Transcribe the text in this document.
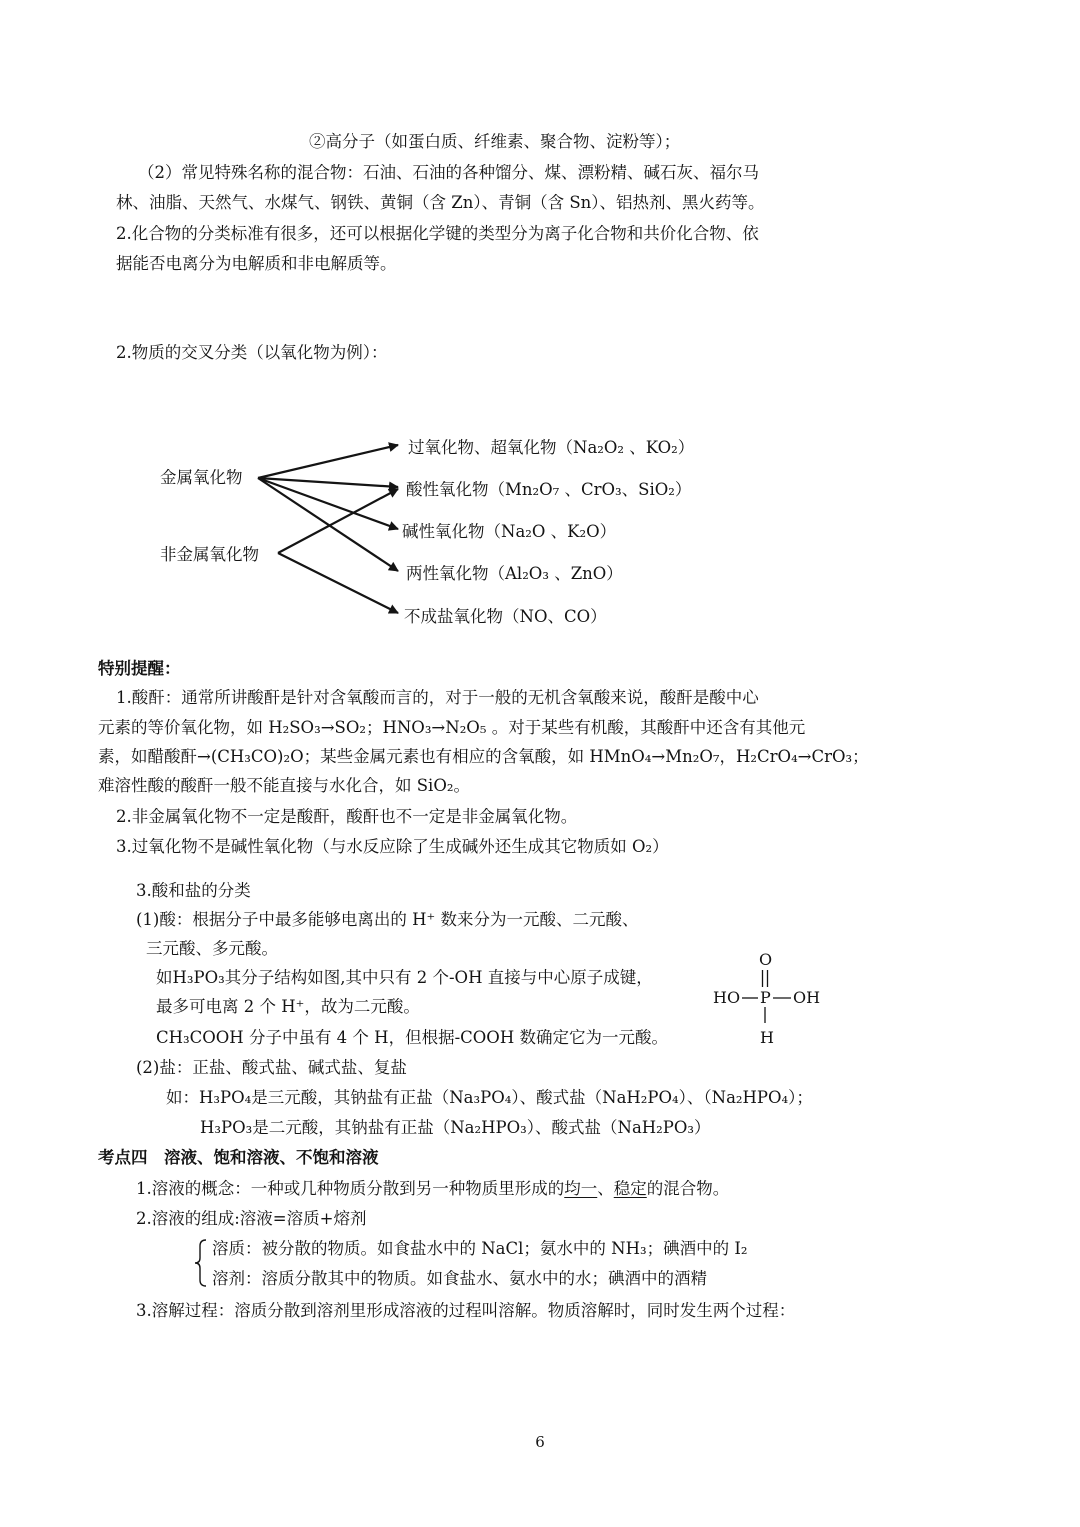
②高分子（如蛋白质、纤维素、聚合物、淀粉等）；
（2）常见特殊名称的混合物：石油、石油的各种馏分、煤、漂粉精、碱石灰、福尔马
林、油脂、天然气、水煤气、钢铁、黄铜（含 Zn）、青铜（含 Sn）、铝热剂、黑火药等。
2.化合物的分类标准有很多，还可以根据化学键的类型分为离子化合物和共价化合物、依
据能否电离分为电解质和非电解质等。
2.物质的交叉分类（以氧化物为例）：
金属氧化物
非金属氧化物
过氧化物、超氧化物（Na₂O₂ 、KO₂）
酸性氧化物（Mn₂O₇ 、CrO₃、SiO₂）
碱性氧化物（Na₂O 、K₂O）
两性氧化物（Al₂O₃ 、ZnO）
不成盐氧化物（NO、CO）
特别提醒：
1.酸酐：通常所讲酸酐是针对含氧酸而言的，对于一般的无机含氧酸来说，酸酐是酸中心
元素的等价氧化物，如 H₂SO₃→SO₂；HNO₃→N₂O₅ 。对于某些有机酸，其酸酐中还含有其他元
素，如醋酸酐→(CH₃CO)₂O；某些金属元素也有相应的含氧酸，如 HMnO₄→Mn₂O₇，H₂CrO₄→CrO₃；
难溶性酸的酸酐一般不能直接与水化合，如 SiO₂。
2.非金属氧化物不一定是酸酐，酸酐也不一定是非金属氧化物。
3.过氧化物不是碱性氧化物（与水反应除了生成碱外还生成其它物质如 O₂）
3.酸和盐的分类
(1)酸：根据分子中最多能够电离出的 H⁺ 数来分为一元酸、二元酸、
三元酸、多元酸。
如H₃PO₃其分子结构如图,其中只有 2 个-OH 直接与中心原子成键，
最多可电离 2 个 H⁺，故为二元酸。
CH₃COOH 分子中虽有 4 个 H，但根据-COOH 数确定它为一元酸。
O
HO P OH
H
(2)盐：正盐、酸式盐、碱式盐、复盐
如：H₃PO₄是三元酸，其钠盐有正盐（Na₃PO₄）、酸式盐（NaH₂PO₄）、（Na₂HPO₄）；
H₃PO₃是二元酸，其钠盐有正盐（Na₂HPO₃）、酸式盐（NaH₂PO₃）
考点四　溶液、饱和溶液、不饱和溶液
1.溶液的概念：一种或几种物质分散到另一种物质里形成的均一、稳定的混合物。
2.溶液的组成:溶液=溶质+熔剂
溶质：被分散的物质。如食盐水中的 NaCl；氨水中的 NH₃；碘酒中的 I₂
溶剂：溶质分散其中的物质。如食盐水、氨水中的水；碘酒中的酒精
3.溶解过程：溶质分散到溶剂里形成溶液的过程叫溶解。物质溶解时，同时发生两个过程：
6
